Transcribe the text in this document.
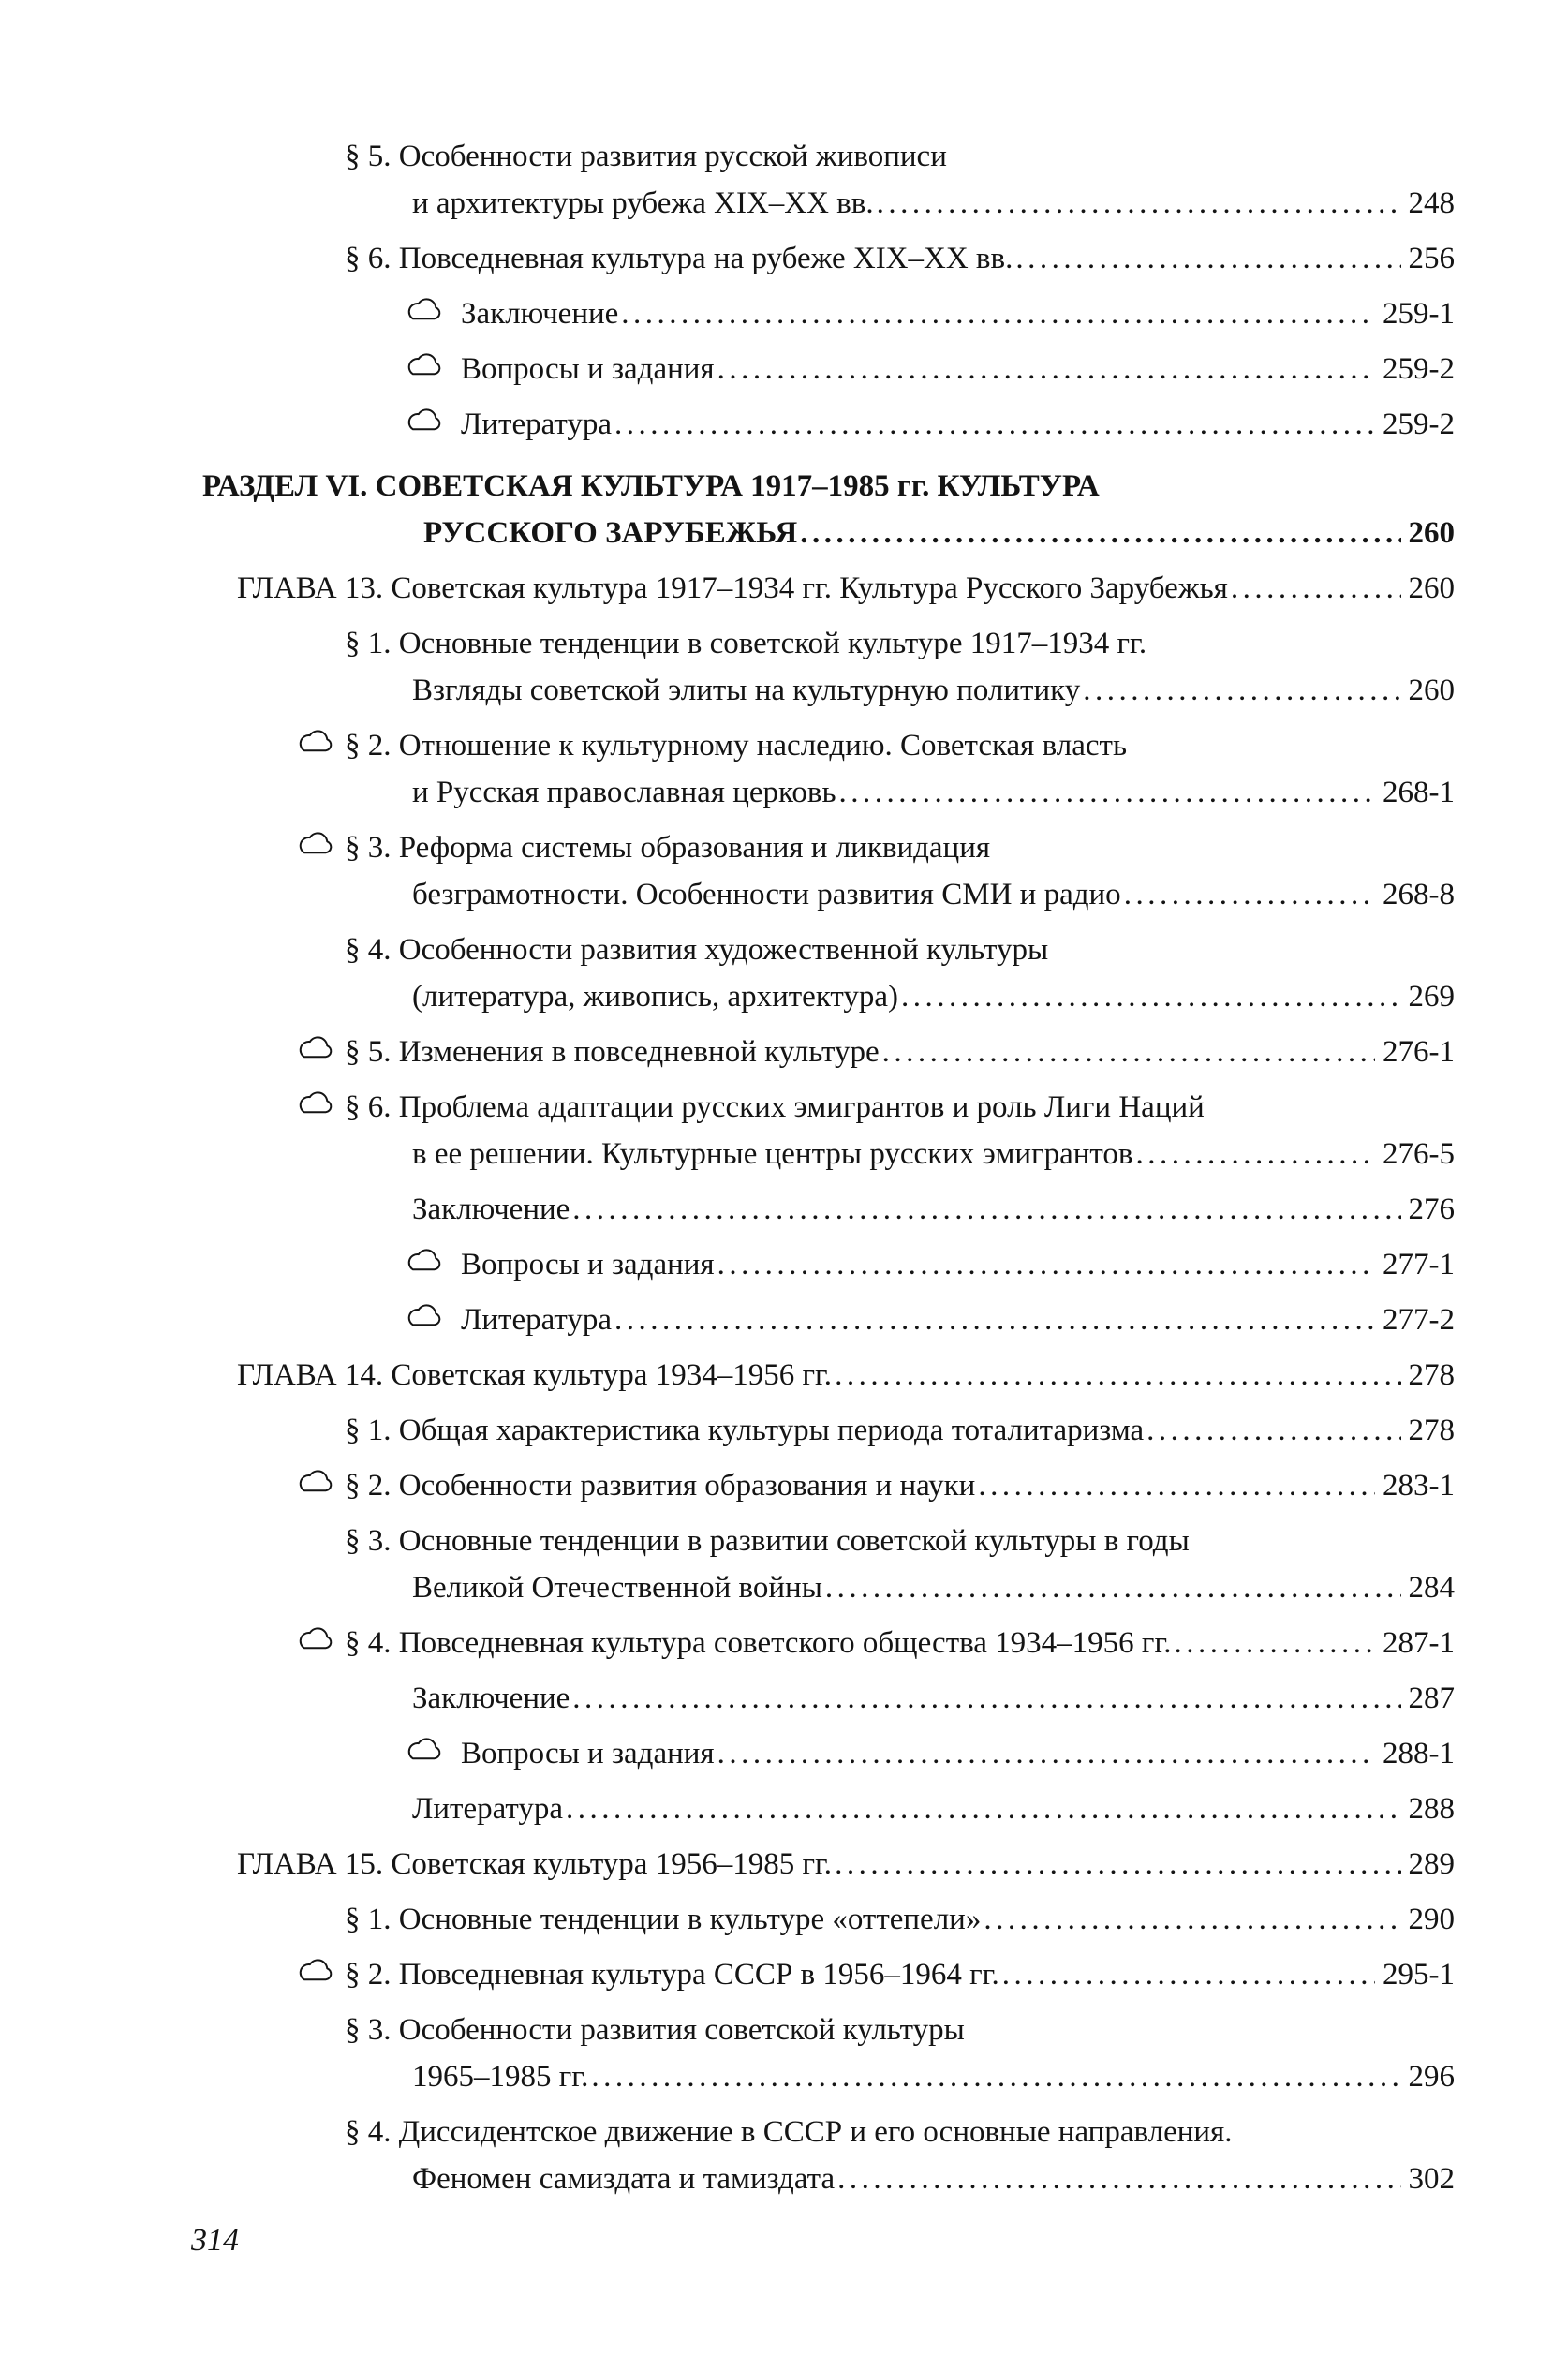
§ 5. Особенности развития русской живописи
и архитектуры рубежа XIX–XX вв. .....	248
§ 6. Повседневная культура на рубеже XIX–XX вв. .....	256
Заключение .....	259-1
Вопросы и задания .....	259-2
Литература .....	259-2
РАЗДЕЛ VI. СОВЕТСКАЯ КУЛЬТУРА 1917–1985 гг. КУЛЬТУРА
РУССКОГО ЗАРУБЕЖЬЯ .....	260
ГЛАВА 13. Советская культура 1917–1934 гг. Культура Русского Зарубежья .....	260
§ 1. Основные тенденции в советской культуре 1917–1934 гг.
Взгляды советской элиты на культурную политику .....	260
§ 2. Отношение к культурному наследию. Советская власть
и Русская православная церковь .....	268-1
§ 3. Реформа системы образования и ликвидация
безграмотности. Особенности развития СМИ и радио .....	268-8
§ 4. Особенности развития художественной культуры
(литература, живопись, архитектура) .....	269
§ 5. Изменения в повседневной культуре .....	276-1
§ 6. Проблема адаптации русских эмигрантов и роль Лиги Наций
в ее решении. Культурные центры русских эмигрантов .....	276-5
Заключение .....	276
Вопросы и задания .....	277-1
Литература .....	277-2
ГЛАВА 14. Советская культура 1934–1956 гг. .....	278
§ 1. Общая характеристика культуры периода тоталитаризма .....	278
§ 2. Особенности развития образования и науки .....	283-1
§ 3. Основные тенденции в развитии советской культуры в годы
Великой Отечественной войны .....	284
§ 4. Повседневная культура советского общества 1934–1956 гг. .....	287-1
Заключение .....	287
Вопросы и задания .....	288-1
Литература .....	288
ГЛАВА 15. Советская культура 1956–1985 гг. .....	289
§ 1. Основные тенденции в культуре «оттепели» .....	290
§ 2. Повседневная культура СССР в 1956–1964 гг. .....	295-1
§ 3. Особенности развития советской культуры
1965–1985 гг. .....	296
§ 4. Диссидентское движение в СССР и его основные направления.
Феномен самиздата и тамиздата .....	302
314
